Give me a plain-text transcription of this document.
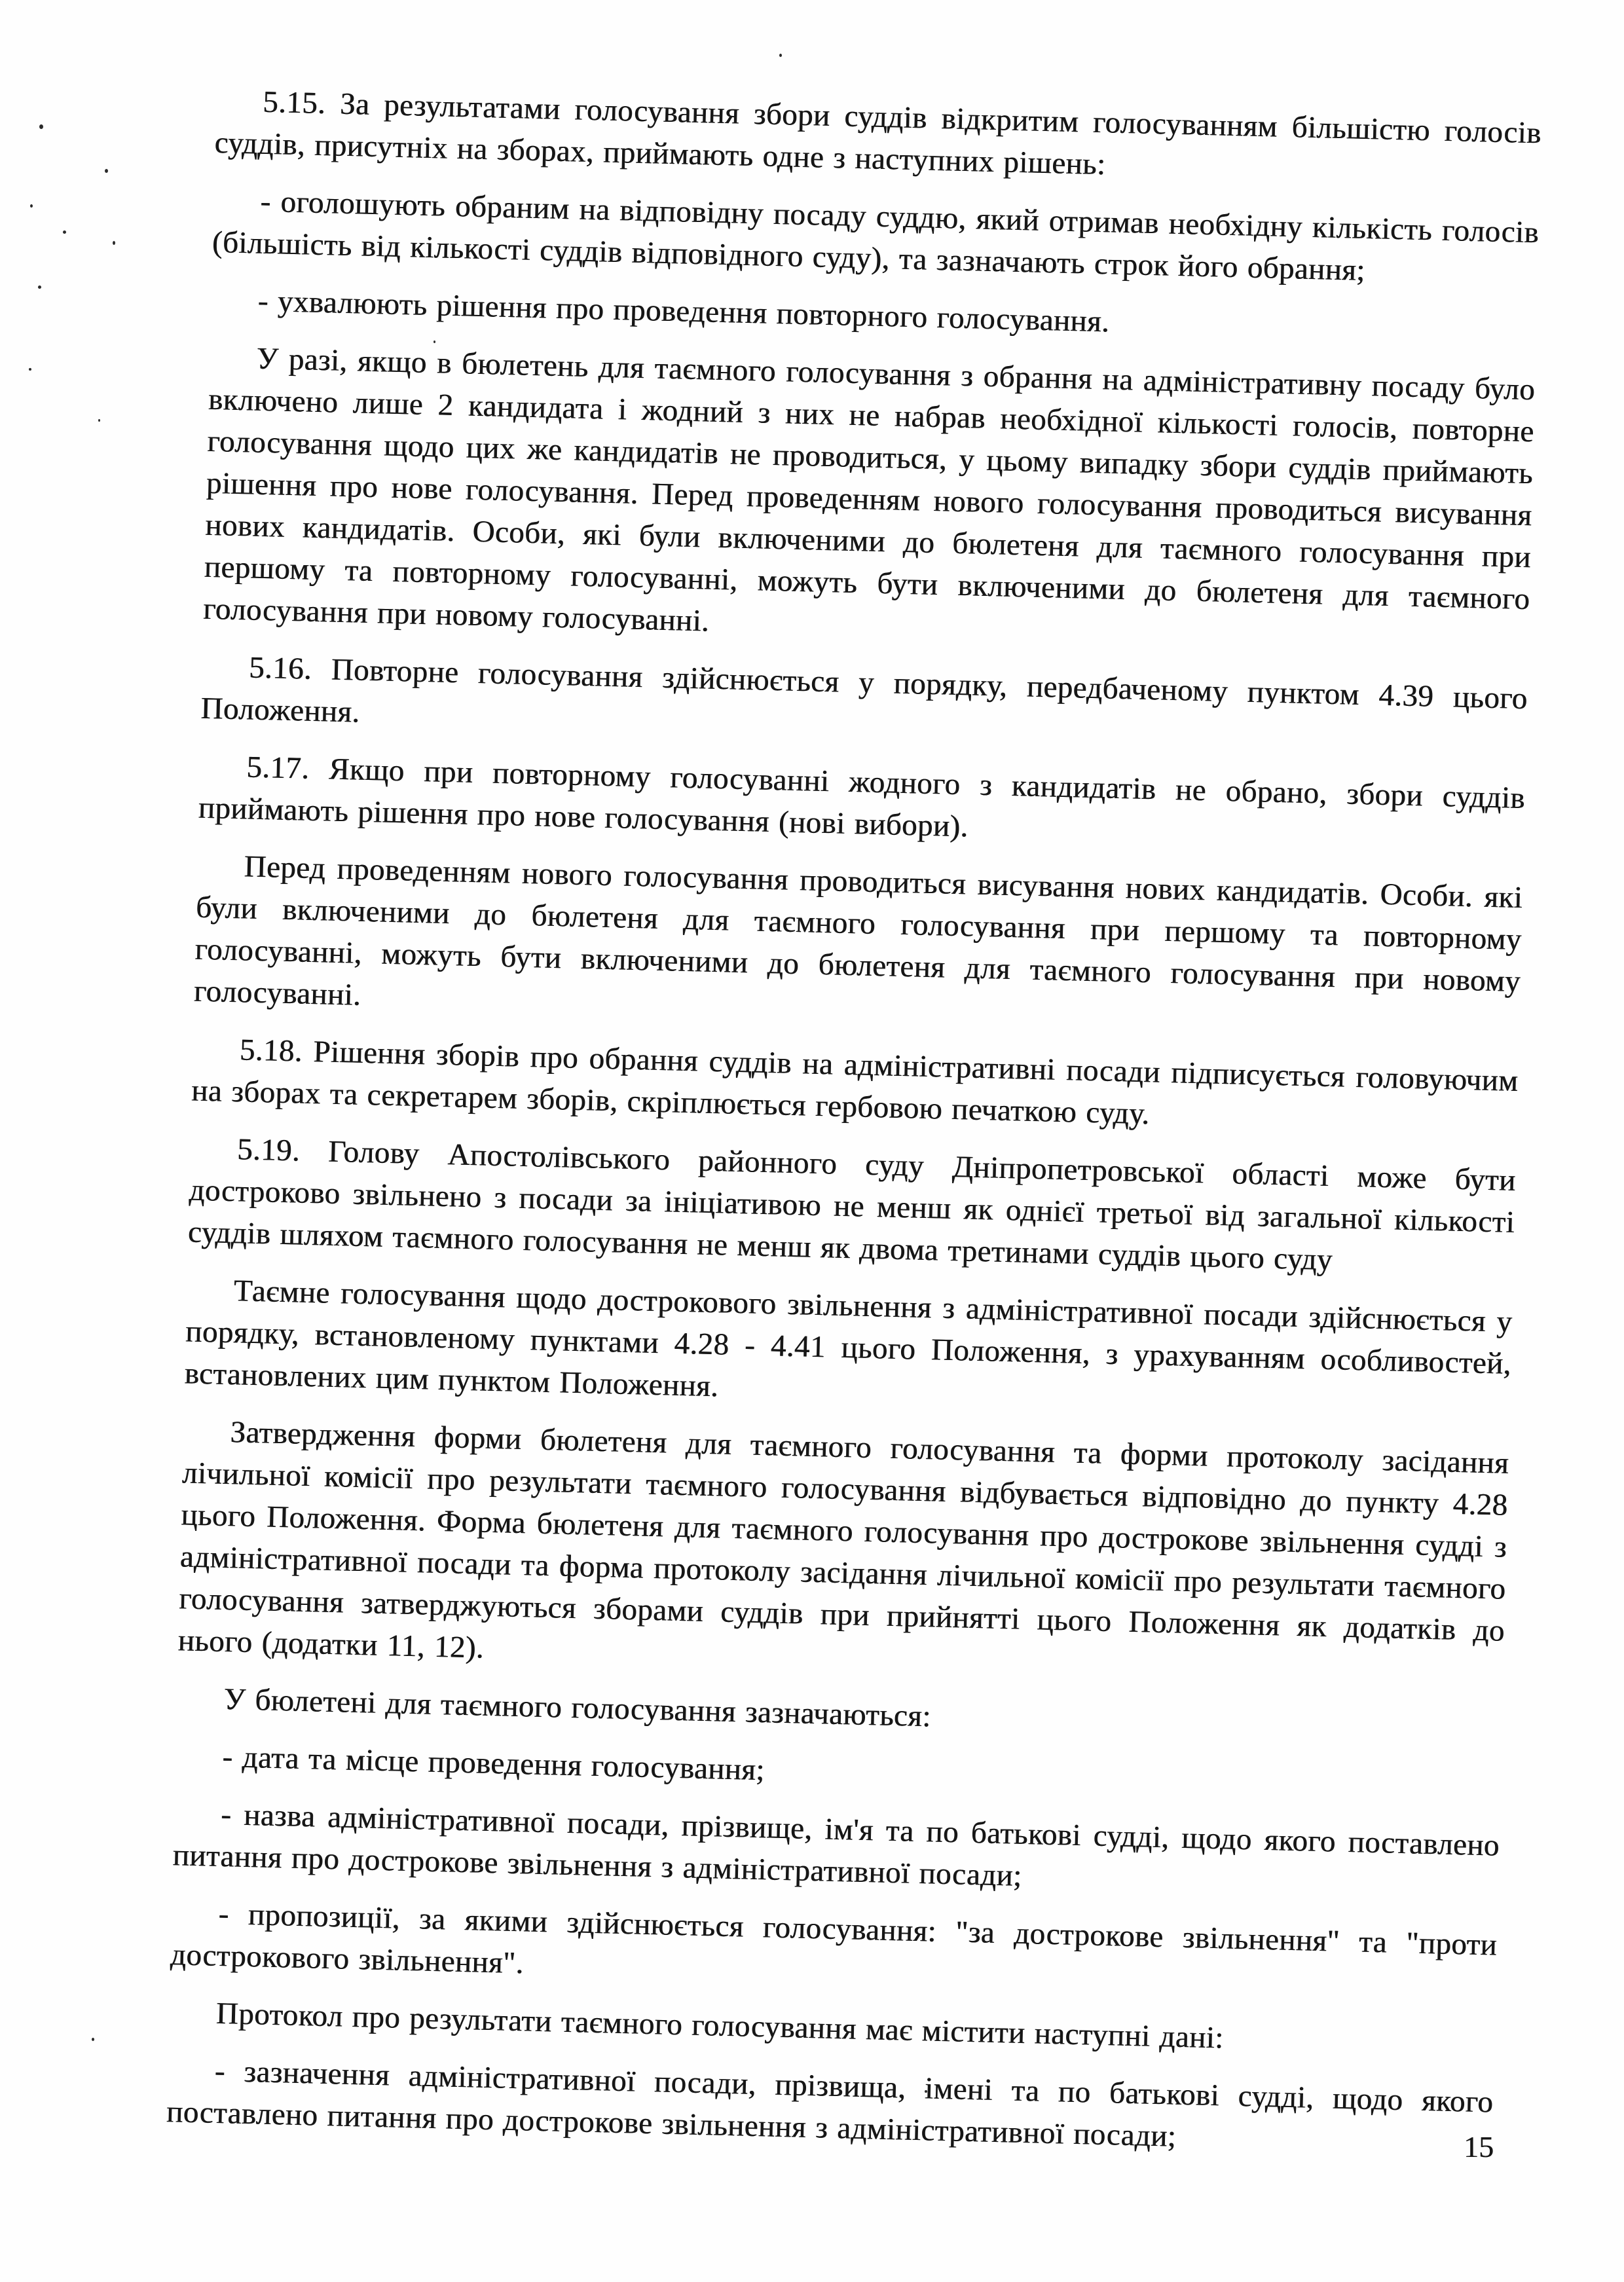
5.15. За результатами голосування збори суддів відкритим голосуванням більшістю голосів суддів, присутніх на зборах, приймають одне з наступних рішень:

- оголошують обраним на відповідну посаду суддю, який отримав необхідну кількість голосів (більшість від кількості суддів відповідного суду), та зазначають строк його обрання;

- ухвалюють рішення про проведення повторного голосування.

У разі, якщо в бюлетень для таємного голосування з обрання на адміністративну посаду було включено лише 2 кандидата і жодний з них не набрав необхідної кількості голосів, повторне голосування щодо цих же кандидатів не проводиться, у цьому випадку збори суддів приймають рішення про нове голосування. Перед проведенням нового голосування проводиться висування нових кандидатів. Особи, які були включеними до бюлетеня для таємного голосування при першому та повторному голосуванні, можуть бути включеними до бюлетеня для таємного голосування при новому голосуванні.

5.16. Повторне голосування здійснюється у порядку, передбаченому пунктом 4.39 цього Положення.

5.17. Якщо при повторному голосуванні жодного з кандидатів не обрано, збори суддів приймають рішення про нове голосування (нові вибори).

Перед проведенням нового голосування проводиться висування нових кандидатів. Особи. які були включеними до бюлетеня для таємного голосування при першому та повторному голосуванні, можуть бути включеними до бюлетеня для таємного голосування при новому голосуванні.

5.18. Рішення зборів про обрання суддів на адміністративні посади підписується головуючим на зборах та секретарем зборів, скріплюється гербовою печаткою суду.

5.19. Голову Апостолівського районного суду Дніпропетровської області може бути достроково звільнено з посади за ініціативою не менш як однієї третьої від загальної кількості суддів шляхом таємного голосування не менш як двома третинами суддів цього суду

Таємне голосування щодо дострокового звільнення з адміністративної посади здійснюється у порядку, встановленому пунктами 4.28 - 4.41 цього Положення, з урахуванням особливостей, встановлених цим пунктом Положення.

Затвердження форми бюлетеня для таємного голосування та форми протоколу засідання лічильної комісії про результати таємного голосування відбувається відповідно до пункту 4.28 цього Положення. Форма бюлетеня для таємного голосування про дострокове звільнення судді з адміністративної посади та форма протоколу засідання лічильної комісії про результати таємного голосування затверджуються зборами суддів при прийнятті цього Положення як додатків до нього (додатки 11, 12).

У бюлетені для таємного голосування зазначаються:

- дата та місце проведення голосування;

- назва адміністративної посади, прізвище, ім'я та по батькові судді, щодо якого поставлено питання про дострокове звільнення з адміністративної посади;

- пропозиції, за якими здійснюється голосування: "за дострокове звільнення" та "проти дострокового звільнення".

Протокол про результати таємного голосування має містити наступні дані:

- зазначення адміністративної посади, прізвища, імені та по батькові судді, щодо якого поставлено питання про дострокове звільнення з адміністративної посади;	15
